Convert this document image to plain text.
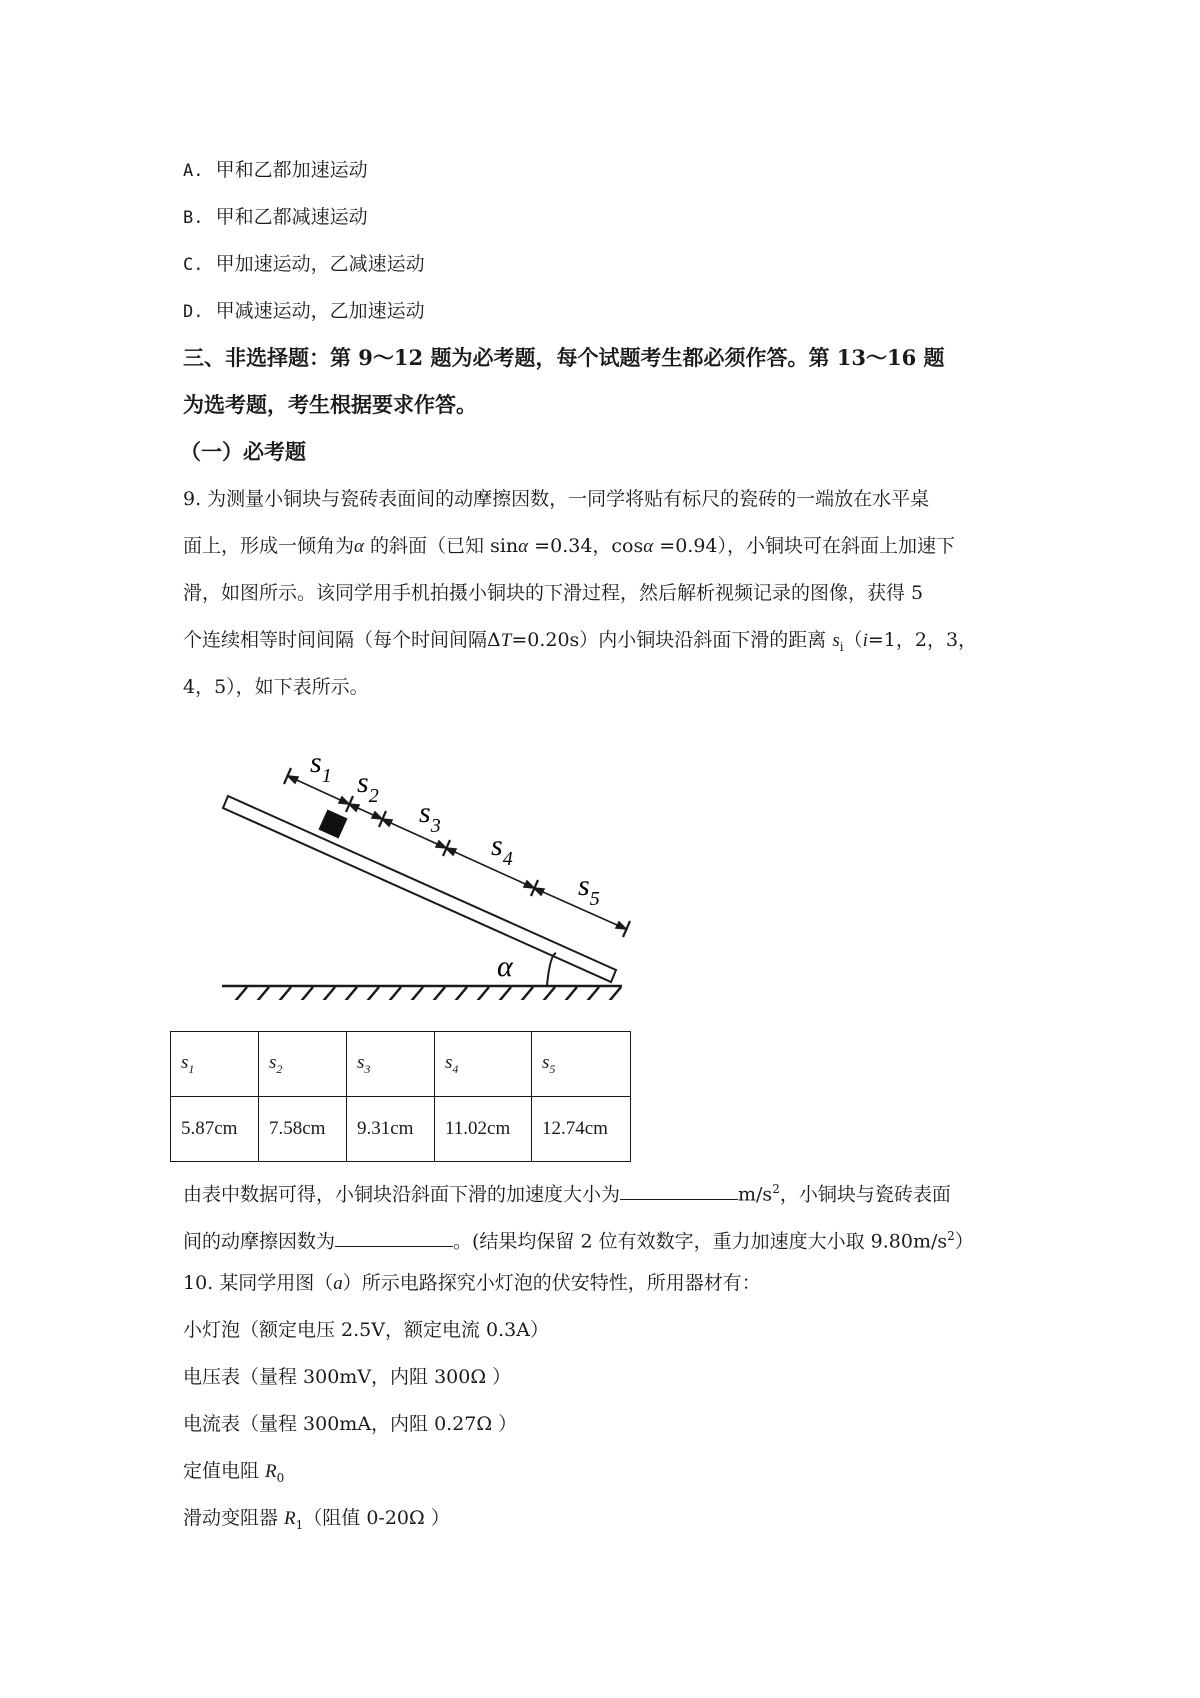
A. 甲和乙都加速运动
B. 甲和乙都减速运动
C. 甲加速运动，乙减速运动
D. 甲减速运动，乙加速运动
三、非选择题：第 9～12 题为必考题，每个试题考生都必须作答。第 13～16 题
为选考题，考生根据要求作答。
（一）必考题
9. 为测量小铜块与瓷砖表面间的动摩擦因数，一同学将贴有标尺的瓷砖的一端放在水平桌
面上，形成一倾角为α 的斜面（已知 sinα =0.34，cosα =0.94），小铜块可在斜面上加速下
滑，如图所示。该同学用手机拍摄小铜块的下滑过程，然后解析视频记录的图像，获得 5
个连续相等时间间隔（每个时间间隔ΔT=0.20s）内小铜块沿斜面下滑的距离 $s_i(i=1$，2，3，
4，5），如下表所示。
α
$s_1$ $s_2$ $s_3$
$s_4$
$s_5$
$s_1$	$s_2$	$s_3$	$s_4$	$s_5$
5.87cm	7.58cm	9.31cm	11.02cm	12.74cm
由表中数据可得，小铜块沿斜面下滑的加速度大小为	$m/s^2$，小铜块与瓷砖表面
间的动摩擦因数为	。(结果均保留 2 位有效数字，重力加速度大小取 $9.80m/s^2$）
10. 某同学用图（a）所示电路探究小灯泡的伏安特性，所用器材有：
小灯泡（额定电压 2.5V，额定电流 0.3A）
电压表（量程 300mV，内阻 300Ω ）
电流表（量程 300mA，内阻 0.27Ω ）
定值电阻 $R_0$
滑动变阻器 $R_1$（阻值 0-20Ω ）
